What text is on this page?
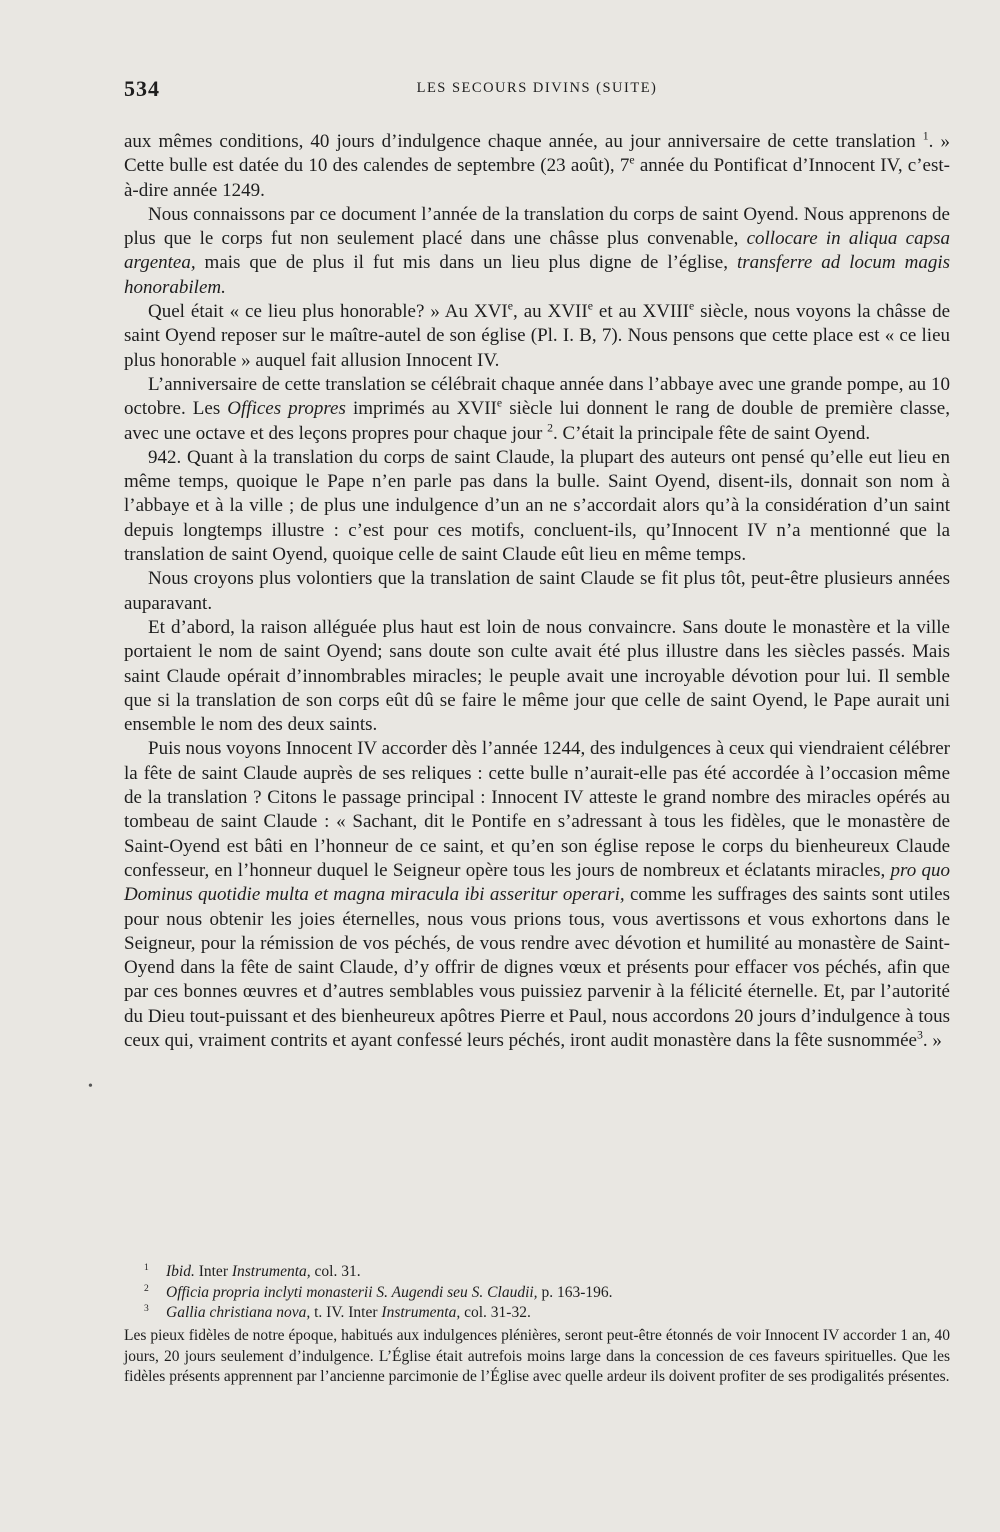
534	LES SECOURS DIVINS (SUITE)

aux mêmes conditions, 40 jours d’indulgence chaque année, au jour anniversaire de cette translation $^1$. » Cette bulle est datée du 10 des calendes de septembre (23 août), 7e année du Pontificat d’Innocent IV, c’est-à-dire année 1249.

Nous connaissons par ce document l’année de la translation du corps de saint Oyend. Nous apprenons de plus que le corps fut non seulement placé dans une châsse plus convenable, collocare in aliqua capsa argentea, mais que de plus il fut mis dans un lieu plus digne de l’église, transferre ad locum magis honorabilem.

Quel était « ce lieu plus honorable? » Au XVIe, au XVIIe et au XVIIIe siècle, nous voyons la châsse de saint Oyend reposer sur le maître-autel de son église (Pl. I. B, 7). Nous pensons que cette place est « ce lieu plus honorable » auquel fait allusion Innocent IV.

L’anniversaire de cette translation se célébrait chaque année dans l’abbaye avec une grande pompe, au 10 octobre. Les Offices propres imprimés au XVIIe siècle lui donnent le rang de double de première classe, avec une octave et des leçons propres pour chaque jour $^2$. C’était la principale fête de saint Oyend.

942. Quant à la translation du corps de saint Claude, la plupart des auteurs ont pensé qu’elle eut lieu en même temps, quoique le Pape n’en parle pas dans la bulle. Saint Oyend, disent-ils, donnait son nom à l’abbaye et à la ville ; de plus une indulgence d’un an ne s’accordait alors qu’à la considération d’un saint depuis longtemps illustre : c’est pour ces motifs, concluent-ils, qu’Innocent IV n’a mentionné que la translation de saint Oyend, quoique celle de saint Claude eût lieu en même temps.

Nous croyons plus volontiers que la translation de saint Claude se fit plus tôt, peut-être plusieurs années auparavant.

Et d’abord, la raison alléguée plus haut est loin de nous convaincre. Sans doute le monastère et la ville portaient le nom de saint Oyend; sans doute son culte avait été plus illustre dans les siècles passés. Mais saint Claude opérait d’innombrables miracles; le peuple avait une incroyable dévotion pour lui. Il semble que si la translation de son corps eût dû se faire le même jour que celle de saint Oyend, le Pape aurait uni ensemble le nom des deux saints.

Puis nous voyons Innocent IV accorder dès l’année 1244, des indulgences à ceux qui viendraient célébrer la fête de saint Claude auprès de ses reliques : cette bulle n’aurait-elle pas été accordée à l’occasion même de la translation ? Citons le passage principal : Innocent IV atteste le grand nombre des miracles opérés au tombeau de saint Claude : « Sachant, dit le Pontife en s’adressant à tous les fidèles, que le monastère de Saint-Oyend est bâti en l’honneur de ce saint, et qu’en son église repose le corps du bienheureux Claude confesseur, en l’honneur duquel le Seigneur opère tous les jours de nombreux et éclatants miracles, pro quo Dominus quotidie multa et magna miracula ibi asseritur operari, comme les suffrages des saints sont utiles pour nous obtenir les joies éternelles, nous vous prions tous, vous avertissons et vous exhortons dans le Seigneur, pour la rémission de vos péchés, de vous rendre avec dévotion et humilité au monastère de Saint-Oyend dans la fête de saint Claude, d’y offrir de dignes vœux et présents pour effacer vos péchés, afin que par ces bonnes œuvres et d’autres semblables vous puissiez parvenir à la félicité éternelle. Et, par l’autorité du Dieu tout-puissant et des bienheureux apôtres Pierre et Paul, nous accordons 20 jours d’indulgence à tous ceux qui, vraiment contrits et ayant confessé leurs péchés, iront audit monastère dans la fête susnommée$^3$. »

•

$^1$ Ibid. Inter Instrumenta, col. 31.

$^2$ Officia propria inclyti monasterii S. Augendi seu S. Claudii, p. 163-196.

$^3$ Gallia christiana nova, t. IV. Inter Instrumenta, col. 31-32.

Les pieux fidèles de notre époque, habitués aux indulgences plénières, seront peut-être étonnés de voir Innocent IV accorder 1 an, 40 jours, 20 jours seulement d’indulgence. L’Église était autrefois moins large dans la concession de ces faveurs spirituelles. Que les fidèles présents apprennent par l’ancienne parcimonie de l’Église avec quelle ardeur ils doivent profiter de ses prodigalités présentes.
